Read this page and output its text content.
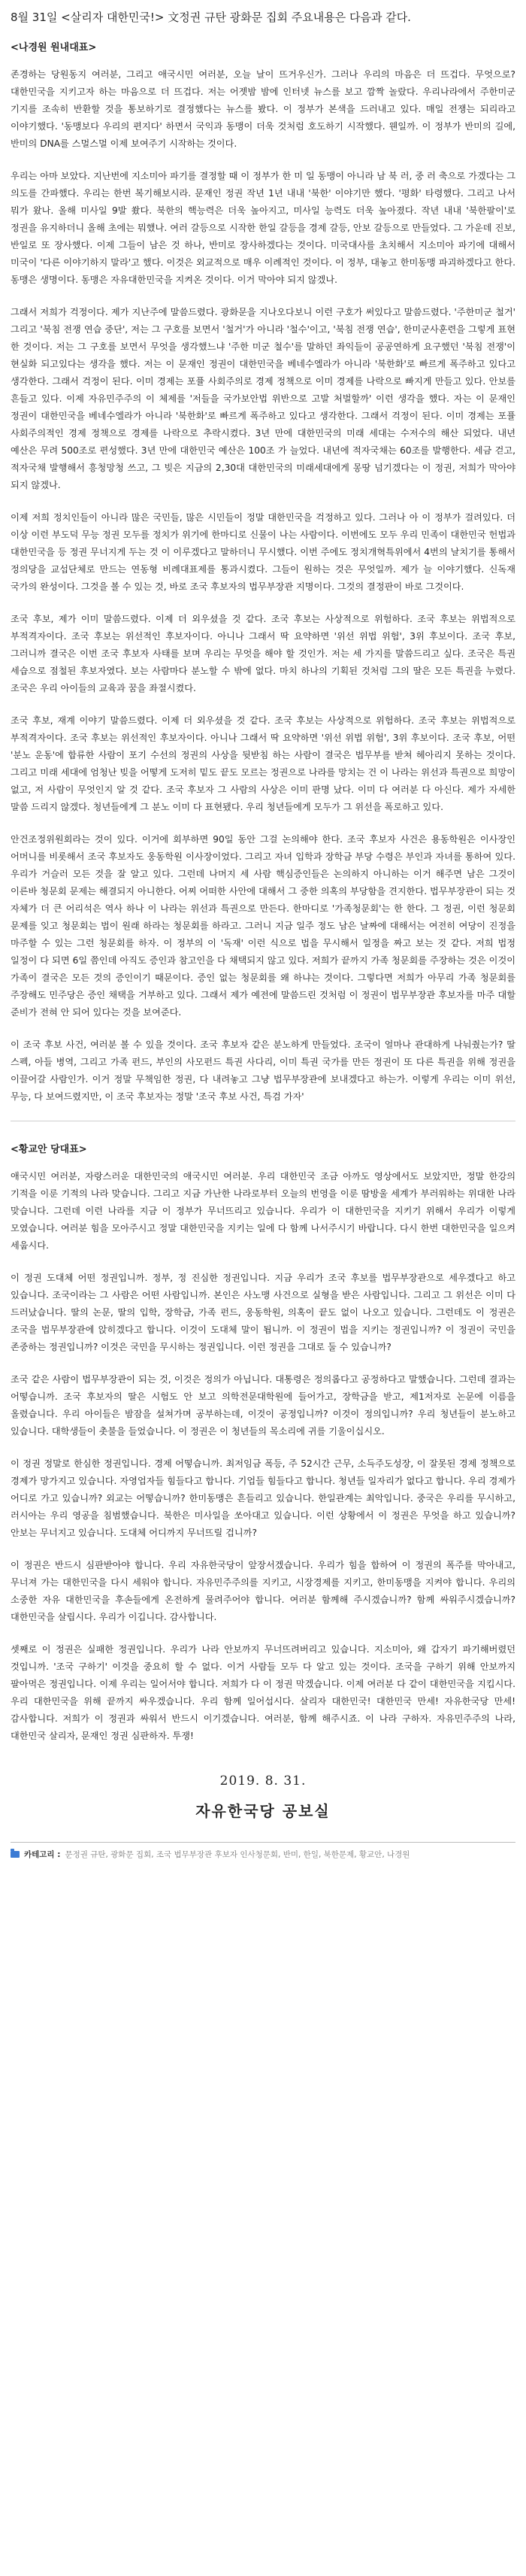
8월 31일 <살리자 대한민국!> 文정권 규탄 광화문 집회 주요내용은 다음과 같다.
<나경원 원내대표>

존경하는 당원동지 여러분, 그리고 애국시민 여러분, 오늘 날이 뜨거우신가. 그러나 우리의 마음은 더 뜨겁다. 무엇으로? 대한민국을 지키고자 하는 마음으로 더 뜨겁다. 저는 어젯밤 밤에 인터넷 뉴스를 보고 깜짝 놀랐다. 우리나라에서 주한미군 기지를 조속히 반환할 것을 통보하기로 결정했다는 뉴스를 봤다. 이 정부가 본색을 드러내고 있다. 매일 전쟁는 되리라고 이야기했다. '동맹보다 우리의 편지다' 하면서 국익과 동맹이 더욱 것처럼 호도하기 시작했다. 웬일까. 이 정부가 반미의 길에, 반미의 DNA를 스멀스멀 이제 보여주기 시작하는 것이다.

우리는 아마 보았다. 지난번에 지소미아 파기를 결정할 때 이 정부가 한 미 일 동맹이 아니라 남 북 러, 중 러 축으로 가겠다는 그 의도를 간파했다. 우리는 한번 복기해보시라. 문재인 정권 작년 1년 내내 '북한' 이야기만 했다. '평화' 타령했다. 그리고 나서 뭐가 왔나. 올해 미사일 9발 쐈다. 북한의 핵능력은 더욱 높아지고, 미사일 능력도 더욱 높아졌다. 작년 내내 '북한팔이'로 정권을 유지하더니 올해 초에는 뭐했나. 여러 갈등으로 시작한 한일 갈등을 경제 갈등, 안보 갈등으로 만들었다. 그 가운데 진보, 반일로 또 장사했다. 이제 그들이 남은 것 하나, 반미로 장사하겠다는 것이다. 미국대사를 초치해서 지소미아 파기에 대해서 미국이 '다른 이야기하지 말라'고 했다. 이것은 외교적으로 매우 이례적인 것이다. 이 정부, 대놓고 한미동맹 파괴하겠다고 한다. 동맹은 생명이다. 동맹은 자유대한민국을 지켜온 것이다. 이거 막아야 되지 않겠나.

그래서 저희가 걱정이다. 제가 지난주에 말씀드렸다. 광화문을 지나오다보니 이런 구호가 써있다고 말씀드렸다. '주한미군 철거' 그리고 '북침 전쟁 연습 중단', 저는 그 구호를 보면서 '철거'가 아니라 '철수'이고, '북침 전쟁 연습', 한미군사훈련을 그렇게 표현 한 것이다. 저는 그 구호를 보면서 무엇을 생각했느냐 '주한 미군 철수'를 말하던 좌익들이 공공연하게 요구했던 '북침 전쟁'이 현실화 되고있다는 생각을 했다. 저는 이 문재인 정권이 대한민국을 베네수엘라가 아니라 '북한화'로 빠르게 폭주하고 있다고 생각한다. 그래서 걱정이 된다. 이미 경제는 포퓰 사회주의로 경제 정책으로 이미 경제를 나락으로 빠지게 만들고 있다. 안보를 흔들고 있다. 이제 자유민주주의 이 체제를 '저들을 국가보안법 위반으로 고발 처벌할까' 이런 생각을 했다. 자는 이 문재인 정권이 대한민국을 베네수엘라가 아니라 '북한화'로 빠르게 폭주하고 있다고 생각한다. 그래서 걱정이 된다. 이미 경제는 포퓰 사회주의적인 경제 정책으로 경제를 나락으로 추락시켰다. 3년 만에 대한민국의 미래 세대는 수저수의 해산 되었다. 내년 예산은 무려 500조로 편성했다. 3년 만에 대한민국 예산은 100조 가 늘었다. 내년에 적자국채는 60조를 발행한다. 세금 걷고, 적자국채 발행해서 흥청망청 쓰고, 그 빚은 지금의 2,30대 대한민국의 미래세대에게 몽땅 넘기겠다는 이 정권, 저희가 막아야 되지 않겠나.

이제 저희 정치인들이 아니라 많은 국민들, 많은 시민들이 정말 대한민국을 걱정하고 있다. 그러나 아 이 정부가 걸려있다. 더 이상 이런 부도덕 무능 정권 모두를 정치가 위기에 한마디로 신물이 나는 사람이다. 이번에도 모두 우리 민족이 대한민국 헌법과 대한민국을 등 정권 무너지게 두는 것 이 이루겠다고 말하더니 무시했다. 이번 주에도 정치개혁특위에서 4번의 날치기를 통해서 정의당을 교섭단체로 만드는 연동형 비례대표제를 통과시켰다. 그들이 원하는 것은 무엇일까. 제가 늘 이야기했다. 신독재 국가의 완성이다. 그것을 볼 수 있는 것, 바로 조국 후보자의 법무부장관 지명이다. 그것의 결정판이 바로 그것이다.

조국 후보, 제가 이미 말씀드렸다. 이제 더 외우셨을 것 같다. 조국 후보는 사상적으로 위험하다. 조국 후보는 위법적으로 부적격자이다. 조국 후보는 위선적인 후보자이다. 아니나 그래서 딱 요약하면 '위선 위법 위험', 3위 후보이다. 조국 후보, 그러니까 결국은 이번 조국 후보자 사태를 보며 우리는 무엇을 해야 할 것인가. 저는 세 가지를 말씀드리고 싶다. 조국은 특권 세습으로 점철된 후보자였다. 보는 사람마다 분노할 수 밖에 없다. 마치 하나의 기획된 것처럼 그의 딸은 모든 특권을 누렸다. 조국은 우리 아이들의 교육과 꿈을 좌절시켰다.

조국 후보, 재계 이야기 말씀드렸다. 이제 더 외우셨을 것 같다. 조국 후보는 사상적으로 위험하다. 조국 후보는 위법적으로 부적격자이다. 조국 후보는 위선적인 후보자이다. 아니나 그래서 딱 요약하면 '위선 위법 위험', 3위 후보이다. 조국 후보, 어떤 '분노 운동'에 합류한 사람이 포기 수선의 정권의 사상을 뒷받침 하는 사람이 결국은 법무부를 받쳐 헤아리지 못하는 것이다. 그리고 미래 세대에 엄청난 빚을 어떻게 도저히 밑도 끝도 모르는 정권으로 나라를 망치는 건 이 나라는 위선과 특권으로 희망이 없고, 저 사람이 무엇인지 알 것 같다. 조국 후보자 그 사람의 사상은 이미 판명 났다. 이미 다 여러분 다 아신다. 제가 자세한 말씀 드리지 않겠다. 청년들에게 그 분노 이미 다 표현됐다. 우리 청년들에게 모두가 그 위선을 폭로하고 있다.

안건조정위원회라는 것이 있다. 이거에 회부하면 90일 동안 그걸 논의해야 한다. 조국 후보자 사건은 용동학원은 이사장인 어머니를 비롯해서 조국 후보자도 웅동학원 이사장이었다. 그리고 자녀 입학과 장학금 부당 수령은 부인과 자녀를 통하여 있다. 우리가 거슬러 모든 것을 잘 알고 있다. 그런데 나머지 세 사람 핵심증인들은 논의하지 아니하는 이거 해주면 남은 그것이 이른바 청문회 문제는 해결되지 아니한다. 어찌 어떠한 사안에 대해서 그 중한 의혹의 부당함을 견지한다. 법무부장관이 되는 것 자체가 더 큰 어리석은 역사 하나 이 나라는 위선과 특권으로 만든다. 한마디로 '가족청문회'는 한 한다. 그 정권, 이런 청문회 문제를 잊고 청문회는 법이 원래 하라는 청문회를 하라고. 그러니 지금 일주 정도 남은 날짜에 대해서는 여전히 여당이 진정을 마주할 수 있는 그런 청문회를 하자. 이 정부의 이 '독재' 이런 식으로 법을 무시해서 일정을 짜고 보는 것 같다. 저희 법정 일정이 다 되면 6일 쯤인데 아직도 증인과 참고인을 다 채택되지 않고 있다. 저희가 끝까지 가족 청문회를 주장하는 것은 이것이 가족이 결국은 모든 것의 증인이기 때문이다. 증인 없는 청문회를 왜 하냐는 것이다. 그렇다면 저희가 아무리 가족 청문회를 주장해도 민주당은 증인 채택을 거부하고 있다. 그래서 제가 예전에 말씀드린 것처럼 이 정권이 법무부장관 후보자를 마주 대할 준비가 전혀 안 되어 있다는 것을 보여준다.

이 조국 후보 사건, 여러분 볼 수 있을 것이다. 조국 후보자 같은 분노하게 만들었다. 조국이 얼마나 관대하게 나눠줬는가? 딸 스펙, 아들 병역, 그리고 가족 펀드, 부인의 사모펀드 특권 사다리, 이미 특권 국가를 만든 정권이 또 다른 특권을 위해 정권을 이끌어갈 사람인가. 이거 정말 무책임한 정권, 다 내려놓고 그냥 법무부장관에 보내겠다고 하는가. 이렇게 우리는 이미 위선, 무능, 다 보여드렸지만, 이 조국 후보자는 정말 '조국 후보 사건, 특검 가자'

<황교안 당대표>

애국시민 여러분, 자랑스러운 대한민국의 애국시민 여러분. 우리 대한민국 조금 아까도 영상에서도 보았지만, 정말 한강의 기적을 이룬 기적의 나라 맞습니다. 그리고 지금 가난한 나라로부터 오늘의 번영을 이룬 땀방울 세계가 부러워하는 위대한 나라 맞습니다. 그런데 이런 나라를 지금 이 정부가 무너뜨리고 있습니다. 우리가 이 대한민국을 지키기 위해서 우리가 이렇게 모였습니다. 여러분 힘을 모아주시고 정말 대한민국을 지키는 일에 다 함께 나서주시기 바랍니다. 다시 한번 대한민국을 일으켜 세웁시다.

이 정권 도대체 어떤 정권입니까. 정부, 정 진심한 정권입니다. 지금 우리가 조국 후보를 법무부장관으로 세우겠다고 하고 있습니다. 조국이라는 그 사람은 어떤 사람입니까. 본인은 사노맹 사건으로 실형을 받은 사람입니다. 그리고 그 위선은 이미 다 드러났습니다. 딸의 논문, 딸의 입학, 장학금, 가족 펀드, 웅동학원, 의혹이 끝도 없이 나오고 있습니다. 그런데도 이 정권은 조국을 법무부장관에 앉히겠다고 합니다. 이것이 도대체 말이 됩니까. 이 정권이 법을 지키는 정권입니까? 이 정권이 국민을 존중하는 정권입니까? 이것은 국민을 무시하는 정권입니다. 이런 정권을 그대로 둘 수 있습니까?

조국 같은 사람이 법무부장관이 되는 것, 이것은 정의가 아닙니다. 대통령은 정의롭다고 공정하다고 말했습니다. 그런데 결과는 어떻습니까. 조국 후보자의 딸은 시험도 안 보고 의학전문대학원에 들어가고, 장학금을 받고, 제1저자로 논문에 이름을 올렸습니다. 우리 아이들은 밤잠을 설쳐가며 공부하는데, 이것이 공정입니까? 이것이 정의입니까? 우리 청년들이 분노하고 있습니다. 대학생들이 촛불을 들었습니다. 이 정권은 이 청년들의 목소리에 귀를 기울이십시오.

이 정권 정말로 한심한 정권입니다. 경제 어떻습니까. 최저임금 폭등, 주 52시간 근무, 소득주도성장, 이 잘못된 경제 정책으로 경제가 망가지고 있습니다. 자영업자들 힘들다고 합니다. 기업들 힘들다고 합니다. 청년들 일자리가 없다고 합니다. 우리 경제가 어디로 가고 있습니까? 외교는 어떻습니까? 한미동맹은 흔들리고 있습니다. 한일관계는 최악입니다. 중국은 우리를 무시하고, 러시아는 우리 영공을 침범했습니다. 북한은 미사일을 쏘아대고 있습니다. 이런 상황에서 이 정권은 무엇을 하고 있습니까? 안보는 무너지고 있습니다. 도대체 어디까지 무너뜨릴 겁니까?

이 정권은 반드시 심판받아야 합니다. 우리 자유한국당이 앞장서겠습니다. 우리가 힘을 합하여 이 정권의 폭주를 막아내고, 무너져 가는 대한민국을 다시 세워야 합니다. 자유민주주의를 지키고, 시장경제를 지키고, 한미동맹을 지켜야 합니다. 우리의 소중한 자유 대한민국을 후손들에게 온전하게 물려주어야 합니다. 여러분 함께해 주시겠습니까? 함께 싸워주시겠습니까? 대한민국을 살립시다. 우리가 이깁니다. 감사합니다.

셋째로 이 정권은 실패한 정권입니다. 우리가 나라 안보까지 무너뜨려버리고 있습니다. 지소미아, 왜 갑자기 파기해버렸던 것입니까. '조국 구하기' 이것을 중요히 할 수 없다. 이거 사람들 모두 다 알고 있는 것이다. 조국을 구하기 위해 안보까지 팔아먹은 정권입니다. 이제 우리는 일어서야 합니다. 저희가 다 이 정권 막겠습니다. 이제 여러분 다 같이 대한민국을 지킵시다. 우리 대한민국을 위해 끝까지 싸우겠습니다. 우리 함께 일어섭시다. 살리자 대한민국! 대한민국 만세! 자유한국당 만세! 감사합니다. 저희가 이 정권과 싸워서 반드시 이기겠습니다. 여러분, 함께 해주시죠. 이 나라 구하자. 자유민주주의 나라, 대한민국 살리자, 문재인 정권 심판하자. 투쟁!

2019. 8. 31.
자유한국당 공보실
카테고리 : 문정권 규탄, 광화문 집회, 조국 법무부장관 후보자 인사청문회, 반미, 한일, 북한문제, 황교안, 나경원
